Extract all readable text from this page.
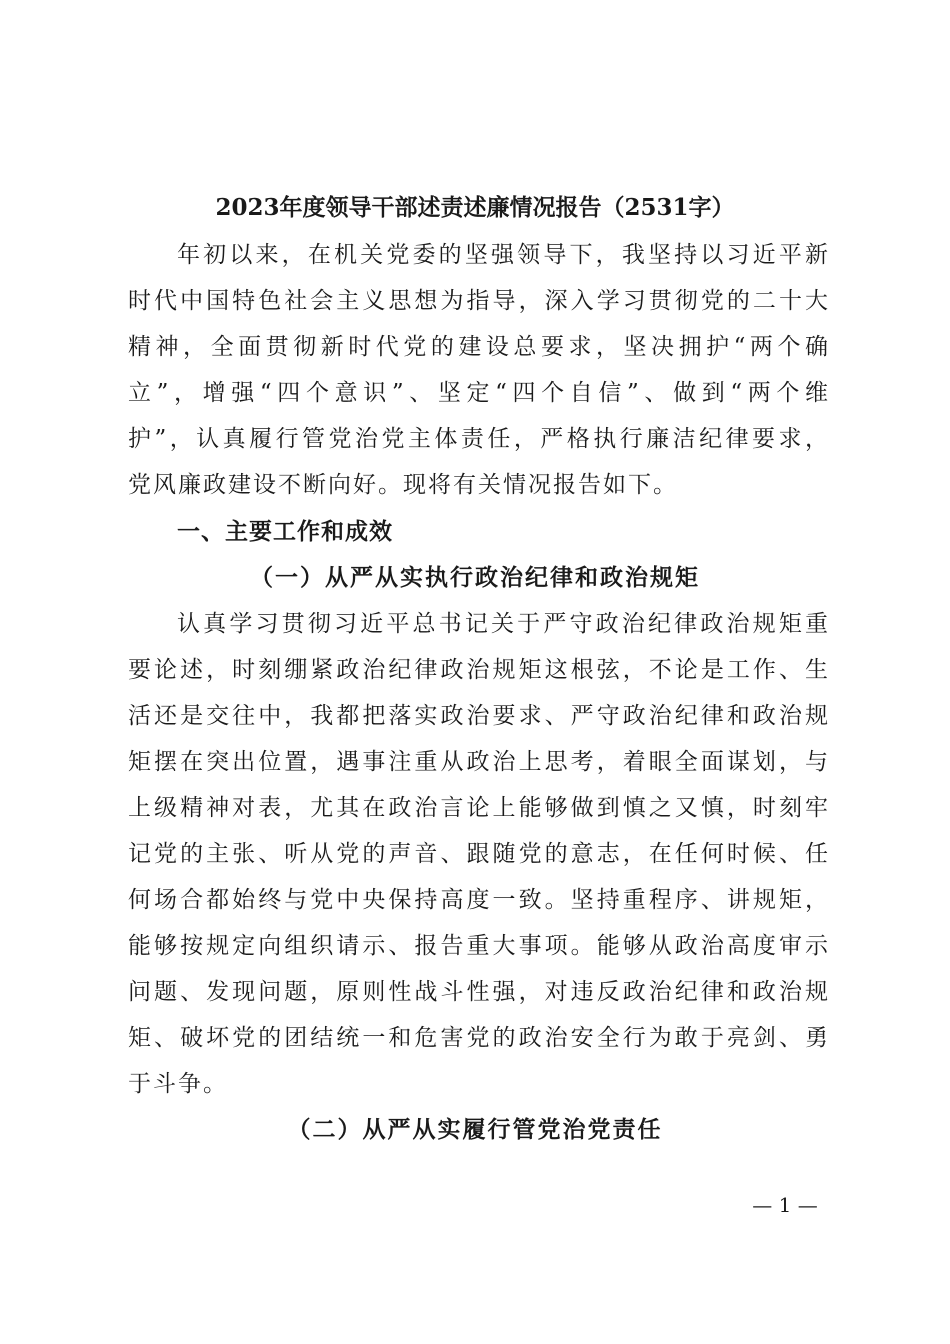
2023年度领导干部述责述廉情况报告（2531字）
年初以来，在机关党委的坚强领导下，我坚持以习近平新
时代中国特色社会主义思想为指导，深入学习贯彻党的二十大
精神，全面贯彻新时代党的建设总要求，坚决拥护“两个确
立”，增强“四个意识”、坚定“四个自信”、做到“两个维
护”，认真履行管党治党主体责任，严格执行廉洁纪律要求，
党风廉政建设不断向好。现将有关情况报告如下。
一、主要工作和成效
（一）从严从实执行政治纪律和政治规矩
认真学习贯彻习近平总书记关于严守政治纪律政治规矩重
要论述，时刻绷紧政治纪律政治规矩这根弦，不论是工作、生
活还是交往中，我都把落实政治要求、严守政治纪律和政治规
矩摆在突出位置，遇事注重从政治上思考，着眼全面谋划，与
上级精神对表，尤其在政治言论上能够做到慎之又慎，时刻牢
记党的主张、听从党的声音、跟随党的意志，在任何时候、任
何场合都始终与党中央保持高度一致。坚持重程序、讲规矩，
能够按规定向组织请示、报告重大事项。能够从政治高度审示
问题、发现问题，原则性战斗性强，对违反政治纪律和政治规
矩、破坏党的团结统一和危害党的政治安全行为敢于亮剑、勇
于斗争。
（二）从严从实履行管党治党责任
— 1 —
